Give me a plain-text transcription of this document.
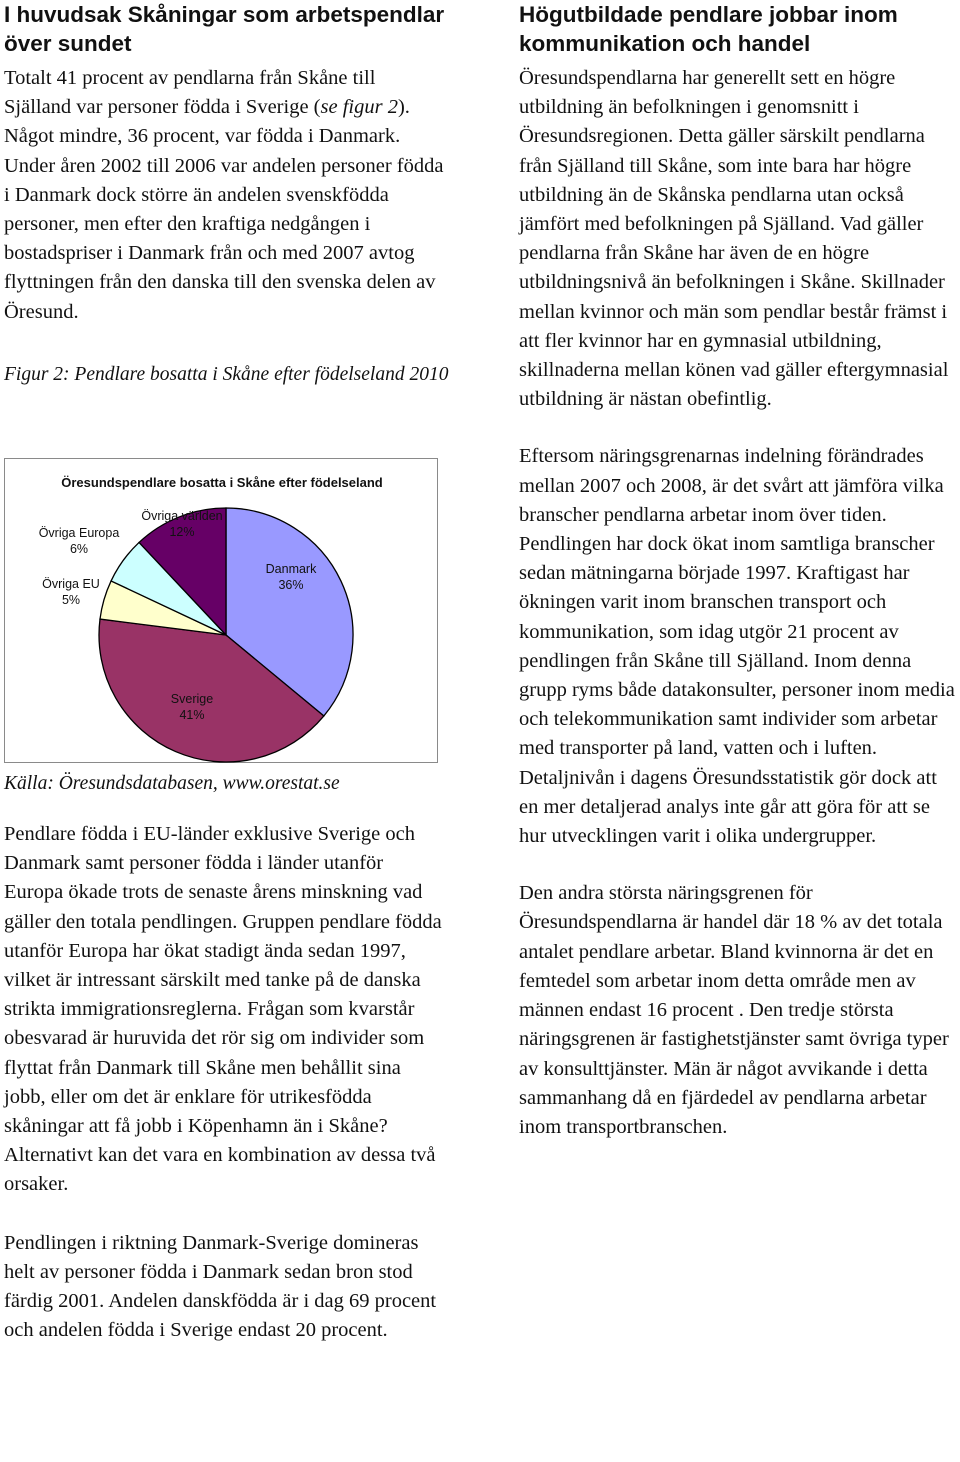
I huvudsak Skåningar som arbetspendlar över sundet

Totalt 41 procent av pendlarna från Skåne till Själland var personer födda i Sverige (se figur 2). Något mindre, 36 procent, var födda i Danmark. Under åren 2002 till 2006 var andelen personer födda i Danmark dock större än andelen svenskfödda personer, men efter den kraftiga nedgången i bostadspriser i Danmark från och med 2007 avtog flyttningen från den danska till den svenska delen av Öresund.

Figur 2: Pendlare bosatta i Skåne efter födelseland 2010

Danmark
36%
Sverige
41%
Övriga EU
5%
Övriga Europa
6%
Övriga världen
12%
Öresundspendlare bosatta i Skåne efter födelseland
Källa: Öresundsdatabasen, www.orestat.se

Pendlare födda i EU-länder exklusive Sverige och Danmark samt personer födda i länder utanför Europa ökade trots de senaste årens minskning vad gäller den totala pendlingen. Gruppen pendlare födda utanför Europa har ökat stadigt ända sedan 1997, vilket är intressant särskilt med tanke på de danska strikta immigrationsreglerna. Frågan som kvarstår obesvarad är huruvida det rör sig om individer som flyttat från Danmark till Skåne men behållit sina jobb, eller om det är enklare för utrikesfödda skåningar att få jobb i Köpenhamn än i Skåne? Alternativt kan det vara en kombination av dessa två orsaker.

Pendlingen i riktning Danmark-Sverige domineras helt av personer födda i Danmark sedan bron stod färdig 2001. Andelen danskfödda är i dag 69 procent och andelen födda i Sverige endast 20 procent.

Högutbildade pendlare jobbar inom kommunikation och handel

Öresundspendlarna har generellt sett en högre utbildning än befolkningen i genomsnitt i Öresundsregionen. Detta gäller särskilt pendlarna från Själland till Skåne, som inte bara har högre utbildning än de Skånska pendlarna utan också jämfört med befolkningen på Själland. Vad gäller pendlarna från Skåne har även de en högre utbildningsnivå än befolkningen i Skåne. Skillnader mellan kvinnor och män som pendlar består främst i att fler kvinnor har en gymnasial utbildning, skillnaderna mellan könen vad gäller eftergymnasial utbildning är nästan obefintlig.

Eftersom näringsgrenarnas indelning förändrades mellan 2007 och 2008, är det svårt att jämföra vilka branscher pendlarna arbetar inom över tiden. Pendlingen har dock ökat inom samtliga branscher sedan mätningarna började 1997. Kraftigast har ökningen varit inom branschen transport och kommunikation, som idag utgör 21 procent av pendlingen från Skåne till Själland. Inom denna grupp ryms både datakonsulter, personer inom media och telekommunikation samt individer som arbetar med transporter på land, vatten och i luften. Detaljnivån i dagens Öresundsstatistik gör dock att en mer detaljerad analys inte går att göra för att se hur utvecklingen varit i olika undergrupper.

Den andra största näringsgrenen för Öresundspendlarna är handel där 18 % av det totala antalet pendlare arbetar. Bland kvinnorna är det en femtedel som arbetar inom detta område men av männen endast 16 procent . Den tredje största näringsgrenen är fastighetstjänster samt övriga typer av konsulttjänster. Män är något avvikande i detta sammanhang då en fjärdedel av pendlarna arbetar inom transportbranschen.
